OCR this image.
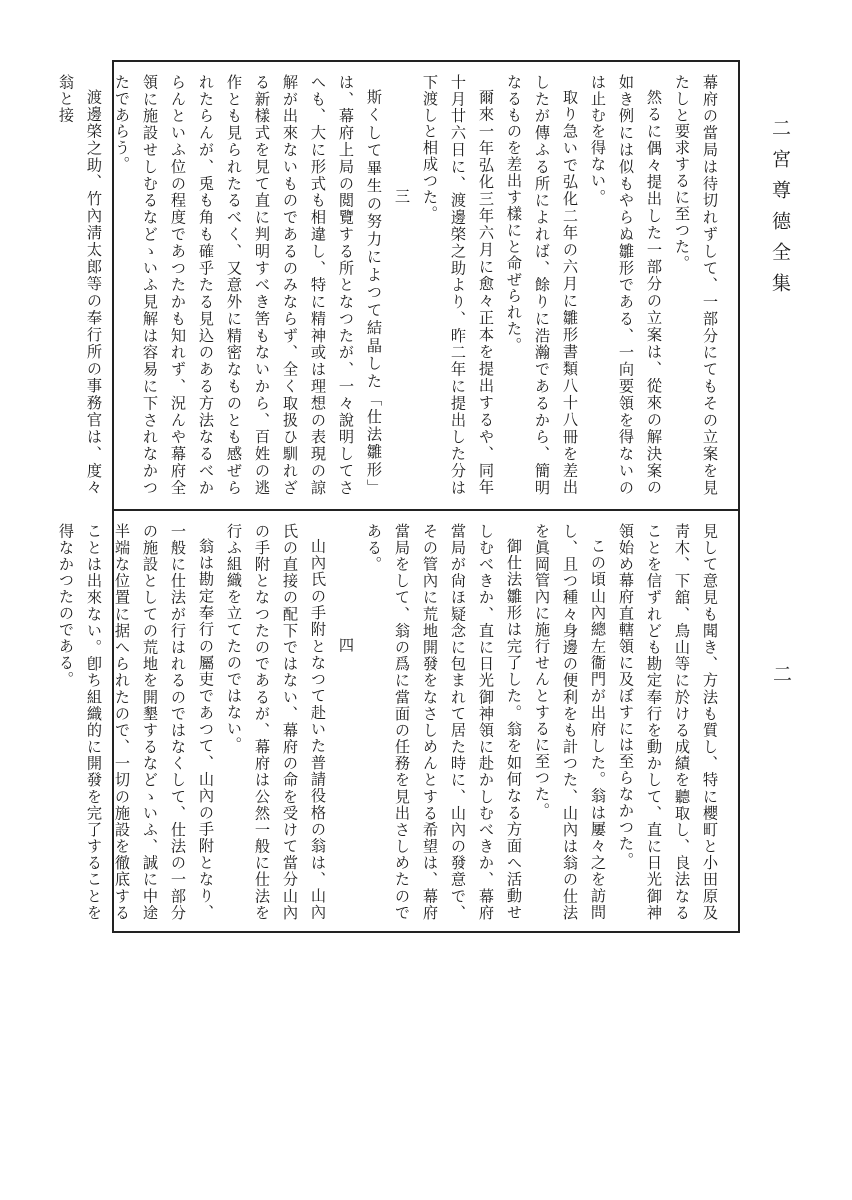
二宮尊德全集
二

幕府の當局は待切れずして、一部分にてもその立案を見たしと要求するに至つた。

然るに偶々提出した一部分の立案は、從來の解決案の如き例には似もやらぬ雛形である、一向要領を得ないのは止むを得ない。

取り急いで弘化二年の六月に雛形書類八十八冊を差出したが傳ふる所によれば、餘りに浩瀚であるから、簡明なるものを差出す樣にと命ぜられた。

爾來一年弘化三年六月に愈々正本を提出するや、同年十月廿六日に、渡邊棨之助より、昨二年に提出した分は下渡しと相成つた。

三

斯くして畢生の努力によつて結晶した「仕法雛形」は、幕府上局の閲覽する所となつたが、一々說明してさへも、大に形式も相違し、特に精神或は理想の表現の諒解が出來ないものであるのみならず、全く取扱ひ馴れざる新樣式を見て直に判明すべき筈もないから、百姓の逃作とも見られたるべく、又意外に精密なものとも感ぜられたらんが、兎も角も確乎たる見込のある方法なるべからんといふ位の程度であつたかも知れず、況んや幕府全領に施設せしむるなどゝいふ見解は容易に下されなかつたであらう。

渡邊棨之助、竹內淸太郎等の奉行所の事務官は、度々翁と接

見して意見も聞き、方法も質し、特に櫻町と小田原及靑木、下舘、鳥山等に於ける成績を聽取し、良法なることを信ずれども勘定奉行を動かして、直に日光御神領始め幕府直轄領に及ぼすには至らなかつた。

この頃山內總左衞門が出府した。翁は屢々之を訪問し、且つ種々身邊の便利をも計つた、山內は翁の仕法を眞岡管內に施行せんとするに至つた。

御仕法雛形は完了した。翁を如何なる方面へ活動せしむべきか、直に日光御神領に赴かしむべきか、幕府當局が尙ほ疑念に包まれて居た時に、山內の發意で、その管內に荒地開發をなさしめんとする希望は、幕府當局をして、翁の爲に當面の任務を見出さしめたのである。

四

山內氏の手附となつて赴いた普請役格の翁は、山內氏の直接の配下ではない、幕府の命を受けて當分山內の手附となつたのであるが、幕府は公然一般に仕法を行ふ組織を立てたのではない。

翁は勘定奉行の屬吏であつて、山內の手附となり、一般に仕法が行はれるのではなくして、仕法の一部分の施設としての荒地を開墾するなどゝいふ、誠に中途半端な位置に据へられたので、一切の施設を徹底することは出來ない。卽ち組織的に開發を完了することを得なかつたのである。
